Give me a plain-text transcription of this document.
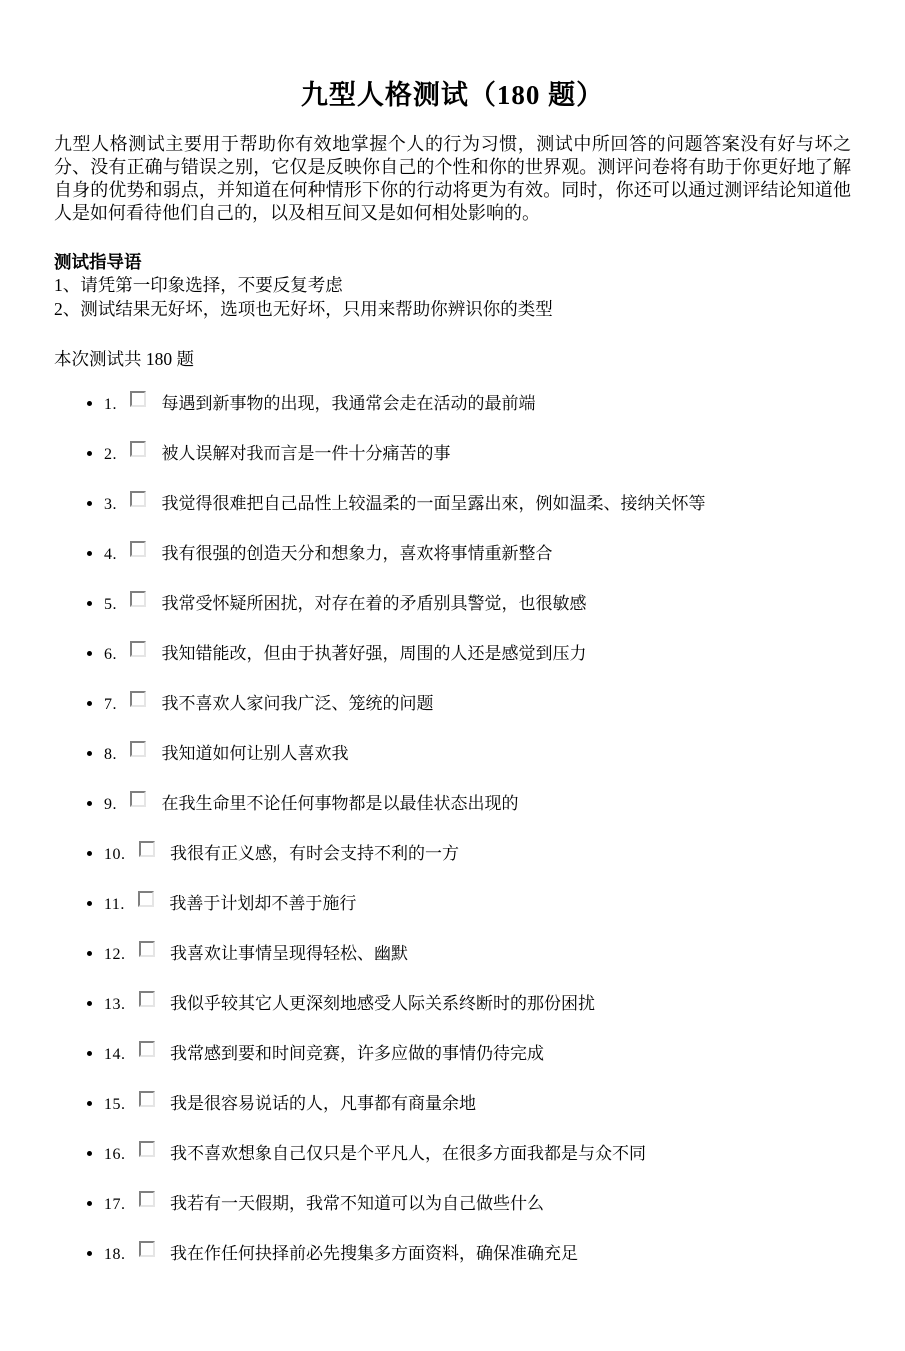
九型人格测试（180 题）

九型人格测试主要用于帮助你有效地掌握个人的行为习惯，测试中所回答的问题答案没有好与坏之分、没有正确与错误之别，它仅是反映你自己的个性和你的世界观。测评问卷将有助于你更好地了解自身的优势和弱点，并知道在何种情形下你的行动将更为有效。同时，你还可以通过测评结论知道他人是如何看待他们自己的，以及相互间又是如何相处影响的。

测试指导语
1、请凭第一印象选择，不要反复考虑
2、测试结果无好坏，选项也无好坏，只用来帮助你辨识你的类型

本次测试共 180 题

• 1.	每遇到新事物的出现，我通常会走在活动的最前端
• 2.	被人误解对我而言是一件十分痛苦的事
• 3.	我觉得很难把自己品性上较温柔的一面呈露出來，例如温柔、接纳关怀等
• 4.	我有很强的创造天分和想象力，喜欢将事情重新整合
• 5.	我常受怀疑所困扰，对存在着的矛盾别具警觉，也很敏感
• 6.	我知错能改，但由于执著好强，周围的人还是感觉到压力
• 7.	我不喜欢人家问我广泛、笼统的问题
• 8.	我知道如何让别人喜欢我
• 9.	在我生命里不论任何事物都是以最佳状态出现的
• 10.	我很有正义感，有时会支持不利的一方
• 11.	我善于计划却不善于施行
• 12.	我喜欢让事情呈现得轻松、幽默
• 13.	我似乎较其它人更深刻地感受人际关系终断时的那份困扰
• 14.	我常感到要和时间竞赛，许多应做的事情仍待完成
• 15.	我是很容易说话的人，凡事都有商量余地
• 16.	我不喜欢想象自己仅只是个平凡人，在很多方面我都是与众不同
• 17.	我若有一天假期，我常不知道可以为自己做些什么
• 18.	我在作任何抉择前必先搜集多方面资料，确保准确充足
